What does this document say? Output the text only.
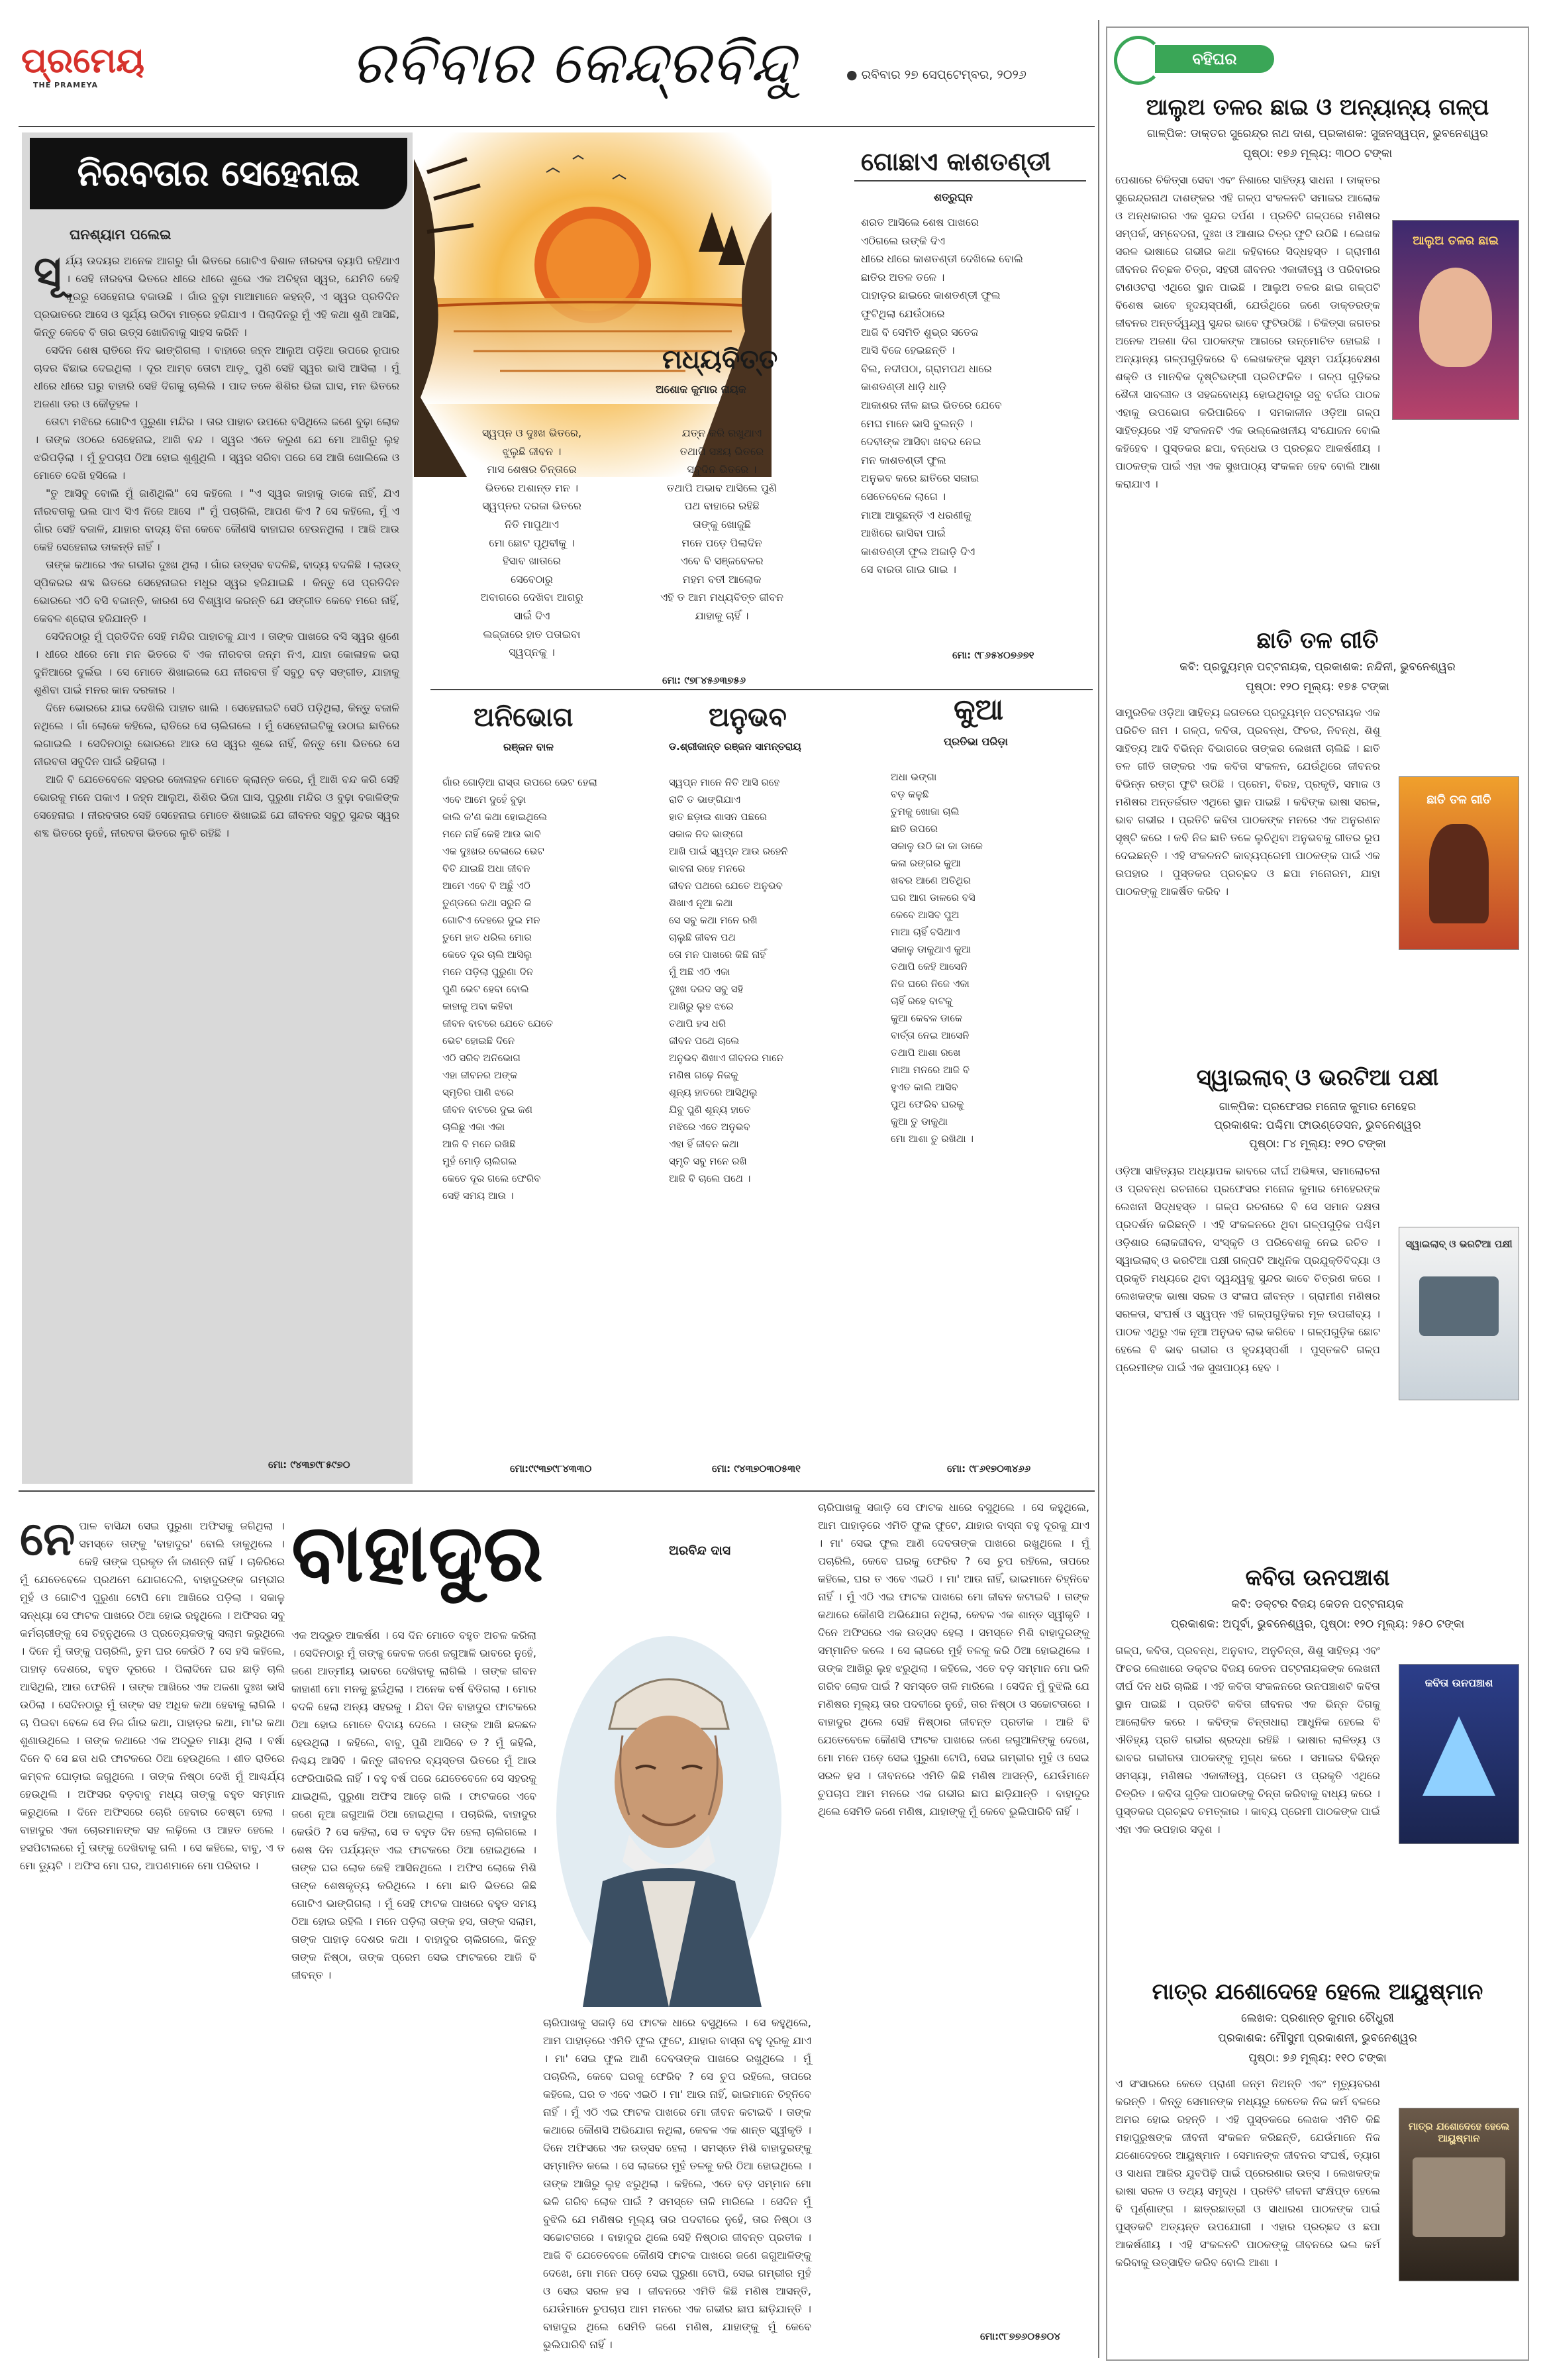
ପ୍ରମେୟ
THE PRAMEYA	ରବିବାର କେନ୍ଦ୍ରବିନ୍ଦୁ	● ରବିବାର ୨୭ ସେପ୍ଟେମ୍ବର, ୨୦୨୬
ନିରବତାର ସେହେନାଇ
ଘନଶ୍ୟାମ ପଲେଇ
ସୂ ର୍ଯ୍ୟ ଉଦୟର ଅନେକ ଆଗରୁ ଗାଁ ଭିତରେ ଗୋଟିଏ ବିଶାଳ ନୀରବତା ବ୍ୟାପି ରହିଥାଏ । ସେହି ନୀରବତା ଭିତରେ ଧୀରେ ଧୀରେ ଶୁଭେ ଏକ ଅଚିହ୍ନା ସ୍ୱର, ଯେମିତି କେହି ଦୂରରୁ ସେହେନାଇ ବଜାଉଛି । ଗାଁର ବୁଢ଼ା ମାଆମାନେ କହନ୍ତି, ଏ ସ୍ୱର ପ୍ରତିଦିନ ପ୍ରଭାତରେ ଆସେ ଓ ସୂର୍ଯ୍ୟ ଉଠିବା ମାତ୍ରେ ହଜିଯାଏ । ପିଲାଦିନରୁ ମୁଁ ଏହି କଥା ଶୁଣି ଆସିଛି, କିନ୍ତୁ କେବେ ବି ତାର ଉତ୍ସ ଖୋଜିବାକୁ ସାହସ କରିନି ।

ସେଦିନ ଶେଷ ରାତିରେ ନିଦ ଭାଙ୍ଗିଗଲା । ବାହାରେ ଜହ୍ନ ଆଲୁଅ ପଡ଼ିଆ ଉପରେ ରୂପାର ଚାଦର ବିଛାଇ ଦେଇଥିଲା । ଦୂର ଆମ୍ବ ତୋଟା ଆଡ଼ୁ ପୁଣି ସେହି ସ୍ୱର ଭାସି ଆସିଲା । ମୁଁ ଧୀରେ ଧୀରେ ଘରୁ ବାହାରି ସେହି ଦିଗକୁ ଚାଲିଲି । ପାଦ ତଳେ ଶିଶିର ଭିଜା ଘାସ, ମନ ଭିତରେ ଅଜଣା ଡର ଓ କୌତୂହଳ ।

ତୋଟା ମଝିରେ ଗୋଟିଏ ପୁରୁଣା ମନ୍ଦିର । ତାର ପାହାଚ ଉପରେ ବସିଥିଲେ ଜଣେ ବୁଢ଼ା ଲୋକ । ତାଙ୍କ ଓଠରେ ସେହେନାଇ, ଆଖି ବନ୍ଦ । ସ୍ୱର ଏତେ କରୁଣ ଯେ ମୋ ଆଖିରୁ ଲୁହ ଝରିପଡ଼ିଲା । ମୁଁ ଚୁପଚାପ ଠିଆ ହୋଇ ଶୁଣୁଥିଲି । ସ୍ୱର ସରିବା ପରେ ସେ ଆଖି ଖୋଲିଲେ ଓ ମୋତେ ଦେଖି ହସିଲେ ।

"ତୁ ଆସିବୁ ବୋଲି ମୁଁ ଜାଣିଥିଲି" ସେ କହିଲେ । "ଏ ସ୍ୱର କାହାକୁ ଡାକେ ନାହିଁ, ଯିଏ ନୀରବତାକୁ ଭଲ ପାଏ ସିଏ ନିଜେ ଆସେ ।" ମୁଁ ପଚାରିଲି, ଆପଣ କିଏ ? ସେ କହିଲେ, ମୁଁ ଏ ଗାଁର ସେହି ବଜାଳି, ଯାହାର ବାଦ୍ୟ ବିନା କେବେ କୌଣସି ବାହାଘର ହେଉନଥିଲା । ଆଜି ଆଉ କେହି ସେହେନାଇ ଡାକନ୍ତି ନାହିଁ ।

ତାଙ୍କ କଥାରେ ଏକ ଗଭୀର ଦୁଃଖ ଥିଲା । ଗାଁର ଉତ୍ସବ ବଦଳିଛି, ବାଦ୍ୟ ବଦଳିଛି । ଲାଉଡ୍ ସ୍ପିକରର ଶବ୍ଦ ଭିତରେ ସେହେନାଇର ମଧୁର ସ୍ୱର ହଜିଯାଇଛି । କିନ୍ତୁ ସେ ପ୍ରତିଦିନ ଭୋରରେ ଏଠି ବସି ବଜାନ୍ତି, କାରଣ ସେ ବିଶ୍ୱାସ କରନ୍ତି ଯେ ସଙ୍ଗୀତ କେବେ ମରେ ନାହିଁ, କେବଳ ଶ୍ରୋତା ହଜିଯାନ୍ତି ।

ସେଦିନଠାରୁ ମୁଁ ପ୍ରତିଦିନ ସେହି ମନ୍ଦିର ପାହାଚକୁ ଯାଏ । ତାଙ୍କ ପାଖରେ ବସି ସ୍ୱର ଶୁଣେ । ଧୀରେ ଧୀରେ ମୋ ମନ ଭିତରେ ବି ଏକ ନୀରବତା ଜନ୍ମ ନିଏ, ଯାହା କୋଳାହଳ ଭରା ଦୁନିଆରେ ଦୁର୍ଲଭ । ସେ ମୋତେ ଶିଖାଇଲେ ଯେ ନୀରବତା ହିଁ ସବୁଠୁ ବଡ଼ ସଙ୍ଗୀତ, ଯାହାକୁ ଶୁଣିବା ପାଇଁ ମନର କାନ ଦରକାର ।

ଦିନେ ଭୋରରେ ଯାଇ ଦେଖିଲି ପାହାଚ ଖାଲି । ସେହେନାଇଟି ସେଠି ପଡ଼ିଥିଲା, କିନ୍ତୁ ବଜାଳି ନଥିଲେ । ଗାଁ ଲୋକେ କହିଲେ, ରାତିରେ ସେ ଚାଲିଗଲେ । ମୁଁ ସେହେନାଇଟିକୁ ଉଠାଇ ଛାତିରେ ଲଗାଇଲି । ସେଦିନଠାରୁ ଭୋରରେ ଆଉ ସେ ସ୍ୱର ଶୁଭେ ନାହିଁ, କିନ୍ତୁ ମୋ ଭିତରେ ସେ ନୀରବତା ସବୁଦିନ ପାଇଁ ରହିଗଲା ।

ଆଜି ବି ଯେତେବେଳେ ସହରର କୋଳାହଳ ମୋତେ କ୍ଲାନ୍ତ କରେ, ମୁଁ ଆଖି ବନ୍ଦ କରି ସେହି ଭୋରକୁ ମନେ ପକାଏ । ଜହ୍ନ ଆଲୁଅ, ଶିଶିର ଭିଜା ଘାସ, ପୁରୁଣା ମନ୍ଦିର ଓ ବୁଢ଼ା ବଜାଳିଙ୍କ ସେହେନାଇ । ନୀରବତାର ସେହି ସେହେନାଇ ମୋତେ ଶିଖାଇଛି ଯେ ଜୀବନର ସବୁଠୁ ସୁନ୍ଦର ସ୍ୱର ଶବ୍ଦ ଭିତରେ ନୁହେଁ, ନୀରବତା ଭିତରେ ଲୁଚି ରହିଛି ।

ମୋ: ୯୪୩୭୯୮୫୯୭୦
ମଧ୍ୟବିତ୍ତ
ଅଶୋକ କୁମାର ନାୟକ
ସ୍ୱପ୍ନ ଓ ଦୁଃଖ ଭିତରେ,
ଝୁଲୁଛି ଜୀବନ ।
ମାସ ଶେଷର ଚିନ୍ତାରେ
ଭିତରେ ଅଶାନ୍ତ ମନ ।
ସ୍ୱପ୍ନର ଦରଜା ଭିତରେ
ନିତି ମାପୁଥାଏ
ମୋ ଛୋଟ ପୃଥିବୀକୁ ।
ହିସାବ ଖାତାରେ
ସେବେଠାରୁ
ଅବାଗରେ ଦେଖିବା ଆଗରୁ
ସାଇଁ ଦିଏ
ଲଜ୍ଜାରେ ହାତ ପତାଇବା
ସ୍ୱପ୍ନକୁ ।
ଯତ୍ନ କରି ରଖୁଥାଏ
ତଥାପି ସଞ୍ଚୟ ଭିତରେ
ସବୁଦିନ ଭିତରେ ।
ତଥାପି ଅଭାବ ଆସିଲେ ପୁଣି
ପଥ ବାହାରେ ରହିଛି
ତାଙ୍କୁ ଖୋଜୁଛି
ମନେ ପଡ଼େ ପିଲାଦିନ
ଏବେ ବି ସଞ୍ଜବେଳର
ମହମ ବତୀ ଆଲୋକ
ଏହି ତ ଆମ ମଧ୍ୟବିତ୍ତ ଜୀବନ
ଯାହାକୁ ଚାହିଁ ।
ମୋ: ୯୭୮୪୫୬୩୭୫୬
ଗୋଛାଏ କାଶତଣ୍ଡୀ
ଶତ୍ରୁଘ୍ନ
ଶରତ ଆସିଲେ ଶେଷ ପାଖରେ
ଏଠିଗଲେ ଉଙ୍କି ଦିଏ
ଧୀରେ ଧୀରେ କାଶତଣ୍ଡୀ ଦେଖିଲେ ବୋଲି
ଛାତିର ଅତଳ ତଳେ ।
ପାହାଡ଼ର ଛାଇରେ କାଶତଣ୍ଡୀ ଫୁଲ
ଫୁଟିଥିଲା ଯେଉଁଠାରେ
ଆଜି ବି ସେମିତି ଶୁଭ୍ର ସତେଜ
ଆସି ବିଜେ ହେଇଛନ୍ତି ।
ବିଲ, ନଦୀପଠା, ଗ୍ରାମପଥ ଧାରେ
କାଶତଣ୍ଡୀ ଧାଡ଼ି ଧାଡ଼ି
ଆକାଶର ନୀଳ ଛାଇ ଭିତରେ ଯେବେ
ମେଘ ମାନେ ଭାସି ବୁଲନ୍ତି ।
ଦେବୀଙ୍କ ଆସିବା ଖବର ନେଇ
ମନ କାଶତଣ୍ଡୀ ଫୁଲ
ଅନୁଭବ କରେ ଛାତିରେ ସଜାଇ
ସେତେବେଳେ ଲାଗେ ।
ମାଆ ଆସୁଛନ୍ତି ଏ ଧରଣୀକୁ
ଆଖିରେ ଭାସିବା ପାଇଁ
କାଶତଣ୍ଡୀ ଫୁଲ ଅଜାଡ଼ି ଦିଏ
ସେ ବାରତା ଗାଇ ଗାଇ ।
ମୋ: ୯୮୬୫୪୦୭୬୭୧
ଅନିଭୋଗ
ରଞ୍ଜନ ବାଳ
ଗାଁର ଗୋଡ଼ିଆ ରାସ୍ତା ଉପରେ ଭେଟ ହେଲା
ଏବେ ଆମେ ଦୁହେଁ ବୁଢ଼ା
କାଲି କ'ଣ କଥା ହୋଇଥିଲେ
ମନେ ନାହିଁ କେହି ଆଉ ଭାବି
ଏକ ଦୁଃଖର ବେଳାରେ ଭେଟ
ବିତି ଯାଇଛି ଅଧା ଜୀବନ
ଆମେ ଏବେ ବି ଅଛୁଁ ଏଠି
ତୁଣ୍ଡରେ କଥା ସରୁନି କି
ଗୋଟିଏ ଦେହରେ ଦୁଇ ମନ
ତୁମେ ହାତ ଧରିଲ ମୋର
କେତେ ଦୂର ଚାଲି ଆସିଲୁ
ମନେ ପଡ଼ିଲା ପୁରୁଣା ଦିନ
ପୁଣି ଭେଟ ହେବା ବୋଲି
କାହାକୁ ଅବା କହିବା
ଜୀବନ ବାଟରେ ଯେତେ ଯେତେ
ଭେଟ ହୋଇଛି ଦିନେ
ଏଠି ସରିବ ଅନିଭୋଗ
ଏହା ଜୀବନର ଅଙ୍କ
ସ୍ମୃତିର ପାଣି ଝରେ
ଜୀବନ ବାଟରେ ଦୁଇ ଜଣ
ଚାଲିଛୁ ଏକା ଏକା
ଆଜି ବି ମନେ ରଖିଛି
ମୁହଁ ମୋଡ଼ି ଚାଲିଗଲ
କେତେ ଦୂର ଗଲେ ଫେରିବ
ସେହି ସମୟ ଆଉ ।
ମୋ:୯୯୩୭୯୮୪୩୩୦
ଅନୁଭବ
ଡ.ଶ୍ରୀକାନ୍ତ ରଞ୍ଜନ ସାମନ୍ତରାୟ
ସ୍ୱପ୍ନ ମାନେ ନିତି ଆସି ରହେ
ରାତି ତ ଭାଙ୍ଗିଯାଏ
ହାତ ଛଡ଼ାଇ ଶାସନ ପଛରେ
ସକାଳ ନିଦ ଭାଙ୍ଗେ
ଆଖି ପାଇଁ ସ୍ୱପ୍ନ ଆଉ ରହେନି
ଭାବନା ରହେ ମନରେ
ଜୀବନ ପଥରେ ଯେତେ ଅନୁଭବ
ଶିଖାଏ ନୂଆ କଥା
ସେ ସବୁ କଥା ମନେ ରଖି
ଚାଲୁଛି ଜୀବନ ପଥ
ତୋ ମନ ପାଖରେ କିଛି ନାହିଁ
ମୁଁ ଅଛି ଏଠି ଏକା
ଦୁଃଖ ଦରଦ ସବୁ ସହି
ଆଖିରୁ ଲୁହ ଝରେ
ତଥାପି ହସ ଧରି
ଜୀବନ ପଥେ ଚାଲେ
ଅନୁଭବ ଶିଖାଏ ଜୀବନର ମାନେ
ମଣିଷ ଗଢ଼େ ନିଜକୁ
ଶୂନ୍ୟ ହାତରେ ଆସିଥିଲୁ
ଯିବୁ ପୁଣି ଶୂନ୍ୟ ହାତେ
ମଝିରେ ଏତେ ଅନୁଭବ
ଏହା ହିଁ ଜୀବନ କଥା
ସ୍ମୃତି ସବୁ ମନେ ରଖି
ଆଜି ବି ଚାଲେ ପଥେ ।
ମୋ: ୯୪୩୭୦୩୦୫୩୧
କୁଆ
ପ୍ରତିଭା ପରିଡ଼ା
ଅଧା ଭଙ୍ଗା
ବଡ଼ କଳୁଛି
ତୁମକୁ ଖୋଜା ଚାଲି
ଛାତି ଉପରେ
ସକାଳୁ ଉଠି କା କା ଡାକେ
କଳା ରଙ୍ଗର କୁଆ
ଖବର ଆଣେ ଅତିଥିର
ଘର ଆଗ ଡାଳରେ ବସି
କେବେ ଆସିବ ପୁଅ
ମାଆ ଚାହିଁ ବସିଥାଏ
ସକାଳୁ ଡାକୁଥାଏ କୁଆ
ତଥାପି କେହି ଆସେନି
ନିଜ ଘରେ ନିଜେ ଏକା
ଚାହିଁ ରହେ ବାଟକୁ
କୁଆ କେବଳ ଡାକେ
ବାର୍ତ୍ତା ନେଇ ଆସେନି
ତଥାପି ଆଶା ରଖେ
ମାଆ ମନରେ ଆଜି ବି
ହୁଏତ କାଲି ଆସିବ
ପୁଅ ଫେରିବ ଘରକୁ
କୁଆ ତୁ ଡାକୁଥା
ମୋ ଆଶା ତୁ ରଖିଥା ।
ମୋ: ୯୮୬୧୭୦୩୪୬୬
ବାହାଦୁର	ଅରବିନ୍ଦ ଦାସ
ନେ ପାଳ ବାସିନ୍ଦା ସେଇ ପୁରୁଣା ଅଫିସକୁ ଜଗିଥିଲା । ସମସ୍ତେ ତାଙ୍କୁ 'ବାହାଦୁର' ବୋଲି ଡାକୁଥିଲେ । କେହି ତାଙ୍କ ପ୍ରକୃତ ନାଁ ଜାଣନ୍ତି ନାହିଁ । ଚାକିରିରେ ମୁଁ ଯେତେବେଳେ ପ୍ରଥମେ ଯୋଗଦେଲି, ବାହାଦୁରଙ୍କ ଗମ୍ଭୀର ମୁହଁ ଓ ଗୋଟିଏ ପୁରୁଣା ଟୋପି ମୋ ଆଖିରେ ପଡ଼ିଲା । ସକାଳୁ ସନ୍ଧ୍ୟା ସେ ଫାଟକ ପାଖରେ ଠିଆ ହୋଇ ରହୁଥିଲେ । ଅଫିସର ସବୁ କର୍ମଚାରୀଙ୍କୁ ସେ ଚିହ୍ନୁଥିଲେ ଓ ପ୍ରତ୍ୟେକଙ୍କୁ ସଲାମ କରୁଥିଲେ । ଦିନେ ମୁଁ ତାଙ୍କୁ ପଚାରିଲି, ତୁମ ଘର କେଉଁଠି ? ସେ ହସି କହିଲେ, ପାହାଡ଼ ଦେଶରେ, ବହୁତ ଦୂରରେ । ପିଲାଦିନେ ଘର ଛାଡ଼ି ଚାଲି ଆସିଥିଲି, ଆଉ ଫେରିନି । ତାଙ୍କ ଆଖିରେ ଏକ ଅଜଣା ଦୁଃଖ ଭାସି ଉଠିଲା । ସେଦିନଠାରୁ ମୁଁ ତାଙ୍କ ସହ ଅଧିକ କଥା ହେବାକୁ ଲାଗିଲି । ଚା ପିଇବା ବେଳେ ସେ ନିଜ ଗାଁର କଥା, ପାହାଡ଼ର କଥା, ମା'ର କଥା ଶୁଣାଉଥିଲେ । ତାଙ୍କ କଥାରେ ଏକ ଅଦ୍ଭୁତ ମାୟା ଥିଲା । ବର୍ଷା ଦିନେ ବି ସେ ଛତା ଧରି ଫାଟକରେ ଠିଆ ହେଉଥିଲେ । ଶୀତ ରାତିରେ କମ୍ବଳ ଘୋଡ଼ାଇ ଜଗୁଥିଲେ । ତାଙ୍କ ନିଷ୍ଠା ଦେଖି ମୁଁ ଆଶ୍ଚର୍ଯ୍ୟ ହେଉଥିଲି । ଅଫିସର ବଡ଼ବାବୁ ମଧ୍ୟ ତାଙ୍କୁ ବହୁତ ସମ୍ମାନ କରୁଥିଲେ । ଦିନେ ଅଫିସରେ ଚୋରି ହେବାର ଚେଷ୍ଟା ହେଲା । ବାହାଦୁର ଏକା ଚୋରମାନଙ୍କ ସହ ଲଢ଼ିଲେ ଓ ଆହତ ହେଲେ । ହସପିଟାଲରେ ମୁଁ ତାଙ୍କୁ ଦେଖିବାକୁ ଗଲି । ସେ କହିଲେ, ବାବୁ, ଏ ତ ମୋ ଡ୍ୟୁଟି । ଅଫିସ ମୋ ଘର, ଆପଣମାନେ ମୋ ପରିବାର ।
ଏକ ଅଦ୍ଭୁତ ଆକର୍ଷଣ । ସେ ଦିନ ମୋତେ ବହୁତ ଅଚଳ କରିଲା । ସେଦିନଠାରୁ ମୁଁ ତାଙ୍କୁ କେବଳ ଜଣେ ଜଗୁଆଳି ଭାବରେ ନୁହେଁ, ଜଣେ ଆତ୍ମୀୟ ଭାବରେ ଦେଖିବାକୁ ଲାଗିଲି । ତାଙ୍କ ଜୀବନ କାହାଣୀ ମୋ ମନକୁ ଛୁଇଁଥିଲା । ଅନେକ ବର୍ଷ ବିତିଗଲା । ମୋର ବଦଳି ହେଲା ଅନ୍ୟ ସହରକୁ । ଯିବା ଦିନ ବାହାଦୁର ଫାଟକରେ ଠିଆ ହୋଇ ମୋତେ ବିଦାୟ ଦେଲେ । ତାଙ୍କ ଆଖି ଛଳଛଳ ହେଉଥିଲା । କହିଲେ, ବାବୁ, ପୁଣି ଆସିବେ ତ ? ମୁଁ କହିଲି, ନିଶ୍ଚୟ ଆସିବି । କିନ୍ତୁ ଜୀବନର ବ୍ୟସ୍ତତା ଭିତରେ ମୁଁ ଆଉ ଫେରିପାରିଲି ନାହିଁ । ବହୁ ବର୍ଷ ପରେ ଯେତେବେଳେ ସେ ସହରକୁ ଯାଇଥିଲି, ପୁରୁଣା ଅଫିସ ଆଡ଼େ ଗଲି । ଫାଟକରେ ଏବେ ଜଣେ ନୂଆ ଜଗୁଆଳି ଠିଆ ହୋଇଥିଲା । ପଚାରିଲି, ବାହାଦୁର କେଉଁଠି ? ସେ କହିଲା, ସେ ତ ବହୁତ ଦିନ ହେଲା ଚାଲିଗଲେ । ଶେଷ ଦିନ ପର୍ଯ୍ୟନ୍ତ ଏଇ ଫାଟକରେ ଠିଆ ହୋଇଥିଲେ । ତାଙ୍କ ଘର ଲୋକ କେହି ଆସିନଥିଲେ । ଅଫିସ ଲୋକେ ମିଶି ତାଙ୍କ ଶେଷକୃତ୍ୟ କରିଥିଲେ । ମୋ ଛାତି ଭିତରେ କିଛି ଗୋଟିଏ ଭାଙ୍ଗିଗଲା । ମୁଁ ସେହି ଫାଟକ ପାଖରେ ବହୁତ ସମୟ ଠିଆ ହୋଇ ରହିଲି । ମନେ ପଡ଼ିଲା ତାଙ୍କ ହସ, ତାଙ୍କ ସଲାମ, ତାଙ୍କ ପାହାଡ଼ ଦେଶର କଥା । ବାହାଦୁର ଚାଲିଗଲେ, କିନ୍ତୁ ତାଙ୍କ ନିଷ୍ଠା, ତାଙ୍କ ପ୍ରେମ ସେଇ ଫାଟକରେ ଆଜି ବି ଜୀବନ୍ତ ।
ଚାରିପାଖକୁ ସଜାଡ଼ି ସେ ଫାଟକ ଧାରେ ବସୁଥିଲେ । ସେ କହୁଥିଲେ, ଆମ ପାହାଡ଼ରେ ଏମିତି ଫୁଲ ଫୁଟେ, ଯାହାର ବାସ୍ନା ବହୁ ଦୂରକୁ ଯାଏ । ମା' ସେଇ ଫୁଲ ଆଣି ଦେବତାଙ୍କ ପାଖରେ ରଖୁଥିଲେ । ମୁଁ ପଚାରିଲି, କେବେ ଘରକୁ ଫେରିବ ? ସେ ଚୁପ ରହିଲେ, ତାପରେ କହିଲେ, ଘର ତ ଏବେ ଏଇଠି । ମା' ଆଉ ନାହିଁ, ଭାଇମାନେ ଚିହ୍ନିବେ ନାହିଁ । ମୁଁ ଏଠି ଏଇ ଫାଟକ ପାଖରେ ମୋ ଜୀବନ କଟାଇବି । ତାଙ୍କ କଥାରେ କୌଣସି ଅଭିଯୋଗ ନଥିଲା, କେବଳ ଏକ ଶାନ୍ତ ସ୍ୱୀକୃତି । ଦିନେ ଅଫିସରେ ଏକ ଉତ୍ସବ ହେଲା । ସମସ୍ତେ ମିଶି ବାହାଦୁରଙ୍କୁ ସମ୍ମାନିତ କଲେ । ସେ ଲାଜରେ ମୁହଁ ତଳକୁ କରି ଠିଆ ହୋଇଥିଲେ । ତାଙ୍କ ଆଖିରୁ ଲୁହ ଝରୁଥିଲା । କହିଲେ, ଏତେ ବଡ଼ ସମ୍ମାନ ମୋ ଭଳି ଗରିବ ଲୋକ ପାଇଁ ? ସମସ୍ତେ ତାଳି ମାରିଲେ । ସେଦିନ ମୁଁ ବୁଝିଲି ଯେ ମଣିଷର ମୂଲ୍ୟ ତାର ପଦବୀରେ ନୁହେଁ, ତାର ନିଷ୍ଠା ଓ ସଚ୍ଚୋଟତାରେ । ବାହାଦୁର ଥିଲେ ସେହି ନିଷ୍ଠାର ଜୀବନ୍ତ ପ୍ରତୀକ । ଆଜି ବି ଯେତେବେଳେ କୌଣସି ଫାଟକ ପାଖରେ ଜଣେ ଜଗୁଆଳିଙ୍କୁ ଦେଖେ, ମୋ ମନେ ପଡ଼େ ସେଇ ପୁରୁଣା ଟୋପି, ସେଇ ଗମ୍ଭୀର ମୁହଁ ଓ ସେଇ ସରଳ ହସ । ଜୀବନରେ ଏମିତି କିଛି ମଣିଷ ଆସନ୍ତି, ଯେଉଁମାନେ ଚୁପଚାପ ଆମ ମନରେ ଏକ ଗଭୀର ଛାପ ଛାଡ଼ିଯାନ୍ତି । ବାହାଦୁର ଥିଲେ ସେମିତି ଜଣେ ମଣିଷ, ଯାହାଙ୍କୁ ମୁଁ କେବେ ଭୁଲିପାରିବି ନାହିଁ ।
ଚାରିପାଖକୁ ସଜାଡ଼ି ସେ ଫାଟକ ଧାରେ ବସୁଥିଲେ । ସେ କହୁଥିଲେ, ଆମ ପାହାଡ଼ରେ ଏମିତି ଫୁଲ ଫୁଟେ, ଯାହାର ବାସ୍ନା ବହୁ ଦୂରକୁ ଯାଏ । ମା' ସେଇ ଫୁଲ ଆଣି ଦେବତାଙ୍କ ପାଖରେ ରଖୁଥିଲେ । ମୁଁ ପଚାରିଲି, କେବେ ଘରକୁ ଫେରିବ ? ସେ ଚୁପ ରହିଲେ, ତାପରେ କହିଲେ, ଘର ତ ଏବେ ଏଇଠି । ମା' ଆଉ ନାହିଁ, ଭାଇମାନେ ଚିହ୍ନିବେ ନାହିଁ । ମୁଁ ଏଠି ଏଇ ଫାଟକ ପାଖରେ ମୋ ଜୀବନ କଟାଇବି । ତାଙ୍କ କଥାରେ କୌଣସି ଅଭିଯୋଗ ନଥିଲା, କେବଳ ଏକ ଶାନ୍ତ ସ୍ୱୀକୃତି । ଦିନେ ଅଫିସରେ ଏକ ଉତ୍ସବ ହେଲା । ସମସ୍ତେ ମିଶି ବାହାଦୁରଙ୍କୁ ସମ୍ମାନିତ କଲେ । ସେ ଲାଜରେ ମୁହଁ ତଳକୁ କରି ଠିଆ ହୋଇଥିଲେ । ତାଙ୍କ ଆଖିରୁ ଲୁହ ଝରୁଥିଲା । କହିଲେ, ଏତେ ବଡ଼ ସମ୍ମାନ ମୋ ଭଳି ଗରିବ ଲୋକ ପାଇଁ ? ସମସ୍ତେ ତାଳି ମାରିଲେ । ସେଦିନ ମୁଁ ବୁଝିଲି ଯେ ମଣିଷର ମୂଲ୍ୟ ତାର ପଦବୀରେ ନୁହେଁ, ତାର ନିଷ୍ଠା ଓ ସଚ୍ଚୋଟତାରେ । ବାହାଦୁର ଥିଲେ ସେହି ନିଷ୍ଠାର ଜୀବନ୍ତ ପ୍ରତୀକ । ଆଜି ବି ଯେତେବେଳେ କୌଣସି ଫାଟକ ପାଖରେ ଜଣେ ଜଗୁଆଳିଙ୍କୁ ଦେଖେ, ମୋ ମନେ ପଡ଼େ ସେଇ ପୁରୁଣା ଟୋପି, ସେଇ ଗମ୍ଭୀର ମୁହଁ ଓ ସେଇ ସରଳ ହସ । ଜୀବନରେ ଏମିତି କିଛି ମଣିଷ ଆସନ୍ତି, ଯେଉଁମାନେ ଚୁପଚାପ ଆମ ମନରେ ଏକ ଗଭୀର ଛାପ ଛାଡ଼ିଯାନ୍ତି । ବାହାଦୁର ଥିଲେ ସେମିତି ଜଣେ ମଣିଷ, ଯାହାଙ୍କୁ ମୁଁ କେବେ ଭୁଲିପାରିବି ନାହିଁ ।
ମୋ:୯୮୭୭୬୦୫୭୦୪
ବହିଘର
ଆଲୁଅ ତଳର ଛାଇ ଓ ଅନ୍ୟାନ୍ୟ ଗଳ୍ପ
ଗାଳ୍ପିକ: ଡାକ୍ତର ସୁରେନ୍ଦ୍ର ନାଥ ଦାଶ, ପ୍ରକାଶକ: ସୁଜନସ୍ୱପ୍ନ, ଭୁବନେଶ୍ୱର
ପୃଷ୍ଠା: ୧୭୬ ମୂଲ୍ୟ: ୩୦୦ ଟଙ୍କା
ପେଶାରେ ଚିକିତ୍ସା ସେବା ଏବଂ ନିଶାରେ ସାହିତ୍ୟ ସାଧନା । ଡାକ୍ତର ସୁରେନ୍ଦ୍ରନାଥ ଦାଶଙ୍କର ଏହି ଗଳ୍ପ ସଂକଳନଟି ସମାଜର ଆଲୋକ ଓ ଅନ୍ଧକାରର ଏକ ସୁନ୍ଦର ଦର୍ପଣ । ପ୍ରତିଟି ଗଳ୍ପରେ ମଣିଷର ସମ୍ପର୍କ, ସମ୍ବେଦନା, ଦୁଃଖ ଓ ଆଶାର ଚିତ୍ର ଫୁଟି ଉଠିଛି । ଲେଖକ ସରଳ ଭାଷାରେ ଗଭୀର କଥା କହିବାରେ ସିଦ୍ଧହସ୍ତ । ଗ୍ରାମୀଣ ଜୀବନର ନିଚ୍ଛକ ଚିତ୍ର, ସହରୀ ଜୀବନର ଏକାକୀତ୍ୱ ଓ ପରିବାରର ଟାଣଓଟରା ଏଥିରେ ସ୍ଥାନ ପାଇଛି । ଆଲୁଅ ତଳର ଛାଇ ଗଳ୍ପଟି ବିଶେଷ ଭାବେ ହୃଦୟସ୍ପର୍ଶୀ, ଯେଉଁଥିରେ ଜଣେ ଡାକ୍ତରଙ୍କ ଜୀବନର ଅନ୍ତର୍ଦ୍ୱନ୍ଦ୍ୱ ସୁନ୍ଦର ଭାବେ ଫୁଟିଉଠିଛି । ଚିକିତ୍ସା ଜଗତର ଅନେକ ଅଜଣା ଦିଗ ପାଠକଙ୍କ ଆଗରେ ଉନ୍ମୋଚିତ ହୋଇଛି । ଅନ୍ୟାନ୍ୟ ଗଳ୍ପଗୁଡ଼ିକରେ ବି ଲେଖକଙ୍କ ସୂକ୍ଷ୍ମ ପର୍ଯ୍ୟବେକ୍ଷଣ ଶକ୍ତି ଓ ମାନବିକ ଦୃଷ୍ଟିଭଙ୍ଗୀ ପ୍ରତିଫଳିତ । ଗଳ୍ପ ଗୁଡ଼ିକର ଶୈଳୀ ସାବଲୀଳ ଓ ସହଜବୋଧ୍ୟ ହୋଇଥିବାରୁ ସବୁ ବର୍ଗର ପାଠକ ଏହାକୁ ଉପଭୋଗ କରିପାରିବେ । ସମକାଳୀନ ଓଡ଼ିଆ ଗଳ୍ପ ସାହିତ୍ୟରେ ଏହି ସଂକଳନଟି ଏକ ଉଲ୍ଲେଖନୀୟ ସଂଯୋଜନ ବୋଲି କହିହେବ । ପୁସ୍ତକର ଛପା, ବନ୍ଧେଇ ଓ ପ୍ରଚ୍ଛଦ ଆକର୍ଷଣୀୟ । ପାଠକଙ୍କ ପାଇଁ ଏହା ଏକ ସୁଖପାଠ୍ୟ ସଂକଳନ ହେବ ବୋଲି ଆଶା କରାଯାଏ ।
ଆଲୁଅ ତଳର ଛାଇ
ଛାତି ତଳ ଗୀତି
କବି: ପ୍ରଦ୍ୟୁମ୍ନ ପଟ୍ଟନାୟକ, ପ୍ରକାଶକ: ନନ୍ଦିନୀ, ଭୁବନେଶ୍ୱର
ପୃଷ୍ଠା: ୧୨୦ ମୂଲ୍ୟ: ୧୭୫ ଟଙ୍କା
ସାମ୍ପ୍ରତିକ ଓଡ଼ିଆ ସାହିତ୍ୟ ଜଗତରେ ପ୍ରଦ୍ୟୁମ୍ନ ପଟ୍ଟନାୟକ ଏକ ପରିଚିତ ନାମ । ଗଳ୍ପ, କବିତା, ପ୍ରବନ୍ଧ, ଫିଚର, ନିବନ୍ଧ, ଶିଶୁ ସାହିତ୍ୟ ଆଦି ବିଭିନ୍ନ ବିଭାଗରେ ତାଙ୍କର ଲେଖନୀ ଚାଲିଛି । ଛାତି ତଳ ଗୀତି ତାଙ୍କର ଏକ କବିତା ସଂକଳନ, ଯେଉଁଥିରେ ଜୀବନର ବିଭିନ୍ନ ରଙ୍ଗ ଫୁଟି ଉଠିଛି । ପ୍ରେମ, ବିରହ, ପ୍ରକୃତି, ସମାଜ ଓ ମଣିଷର ଅନ୍ତର୍ଜଗତ ଏଥିରେ ସ୍ଥାନ ପାଇଛି । କବିଙ୍କ ଭାଷା ସରଳ, ଭାବ ଗଭୀର । ପ୍ରତିଟି କବିତା ପାଠକଙ୍କ ମନରେ ଏକ ଅନୁରଣନ ସୃଷ୍ଟି କରେ । କବି ନିଜ ଛାତି ତଳେ ଲୁଚିଥିବା ଅନୁଭବକୁ ଗୀତର ରୂପ ଦେଇଛନ୍ତି । ଏହି ସଂକଳନଟି କାବ୍ୟପ୍ରେମୀ ପାଠକଙ୍କ ପାଇଁ ଏକ ଉପହାର । ପୁସ୍ତକର ପ୍ରଚ୍ଛଦ ଓ ଛପା ମନୋରମ, ଯାହା ପାଠକଙ୍କୁ ଆକର୍ଷିତ କରିବ ।
ଛାତି ତଳ ଗୀତି
ସ୍ୱାଇଲାବ୍ ଓ ଭରଟିଆ ପକ୍ଷୀ
ଗାଳ୍ପିକ: ପ୍ରଫେସର ମନୋଜ କୁମାର ମେହେର
ପ୍ରକାଶକ: ପଶ୍ଚିମା ଫାଉଣ୍ଡେସନ, ଭୁବନେଶ୍ୱର
ପୃଷ୍ଠା: ୮୪ ମୂଲ୍ୟ: ୧୨୦ ଟଙ୍କା
ଓଡ଼ିଆ ସାହିତ୍ୟର ଅଧ୍ୟାପକ ଭାବରେ ଦୀର୍ଘ ଅଭିଜ୍ଞତା, ସମାଲୋଚନା ଓ ପ୍ରବନ୍ଧ ରଚନାରେ ପ୍ରଫେସର ମନୋଜ କୁମାର ମେହେରଙ୍କ ଲେଖନୀ ସିଦ୍ଧହସ୍ତ । ଗଳ୍ପ ରଚନାରେ ବି ସେ ସମାନ ଦକ୍ଷତା ପ୍ରଦର୍ଶନ କରିଛନ୍ତି । ଏହି ସଂକଳନରେ ଥିବା ଗଳ୍ପଗୁଡ଼ିକ ପଶ୍ଚିମ ଓଡ଼ିଶାର ଲୋକଜୀବନ, ସଂସ୍କୃତି ଓ ପରିବେଶକୁ ନେଇ ରଚିତ । ସ୍ୱାଇଲାବ୍ ଓ ଭରଟିଆ ପକ୍ଷୀ ଗଳ୍ପଟି ଆଧୁନିକ ପ୍ରଯୁକ୍ତିବିଦ୍ୟା ଓ ପ୍ରକୃତି ମଧ୍ୟରେ ଥିବା ଦ୍ୱନ୍ଦ୍ୱକୁ ସୁନ୍ଦର ଭାବେ ଚିତ୍ରଣ କରେ । ଲେଖକଙ୍କ ଭାଷା ସରଳ ଓ ସଂଳାପ ଜୀବନ୍ତ । ଗ୍ରାମୀଣ ମଣିଷର ସରଳତା, ସଂଘର୍ଷ ଓ ସ୍ୱପ୍ନ ଏହି ଗଳ୍ପଗୁଡ଼ିକର ମୂଳ ଉପଜୀବ୍ୟ । ପାଠକ ଏଥିରୁ ଏକ ନୂଆ ଅନୁଭବ ଲାଭ କରିବେ । ଗଳ୍ପଗୁଡ଼ିକ ଛୋଟ ହେଲେ ବି ଭାବ ଗଭୀର ଓ ହୃଦୟସ୍ପର୍ଶୀ । ପୁସ୍ତକଟି ଗଳ୍ପ ପ୍ରେମୀଙ୍କ ପାଇଁ ଏକ ସୁଖପାଠ୍ୟ ହେବ ।
ସ୍ୱାଇଲାବ୍ ଓ ଭରଟିଆ ପକ୍ଷୀ
କବିତା ଉନପଞ୍ଚାଶ
କବି: ଡକ୍ଟର ବିଜୟ କେତନ ପଟ୍ଟନାୟକ
ପ୍ରକାଶକ: ଅପୂର୍ବା, ଭୁବନେଶ୍ୱର, ପୃଷ୍ଠା: ୧୨୦ ମୂଲ୍ୟ: ୨୫୦ ଟଙ୍କା
ଗଳ୍ପ, କବିତା, ପ୍ରବନ୍ଧ, ଅନୁବାଦ, ଅନୁଚିନ୍ତା, ଶିଶୁ ସାହିତ୍ୟ ଏବଂ ଫିଚର ଲେଖାରେ ଡକ୍ଟର ବିଜୟ କେତନ ପଟ୍ଟନାୟକଙ୍କ ଲେଖନୀ ଦୀର୍ଘ ଦିନ ଧରି ଚାଲିଛି । ଏହି କବିତା ସଂକଳନରେ ଉନପଞ୍ଚାଶଟି କବିତା ସ୍ଥାନ ପାଇଛି । ପ୍ରତିଟି କବିତା ଜୀବନର ଏକ ଭିନ୍ନ ଦିଗକୁ ଆଲୋକିତ କରେ । କବିଙ୍କ ଚିନ୍ତାଧାରା ଆଧୁନିକ ହେଲେ ବି ଐତିହ୍ୟ ପ୍ରତି ଗଭୀର ଶ୍ରଦ୍ଧା ରହିଛି । ଭାଷାର ଲାଳିତ୍ୟ ଓ ଭାବର ଗଭୀରତା ପାଠକଙ୍କୁ ମୁଗ୍ଧ କରେ । ସମାଜର ବିଭିନ୍ନ ସମସ୍ୟା, ମଣିଷର ଏକାକୀତ୍ୱ, ପ୍ରେମ ଓ ପ୍ରକୃତି ଏଥିରେ ଚିତ୍ରିତ । କବିତା ଗୁଡ଼ିକ ପାଠକଙ୍କୁ ଚିନ୍ତା କରିବାକୁ ବାଧ୍ୟ କରେ । ପୁସ୍ତକର ପ୍ରଚ୍ଛଦ ଚମତ୍କାର । କାବ୍ୟ ପ୍ରେମୀ ପାଠକଙ୍କ ପାଇଁ ଏହା ଏକ ଉପହାର ସଦୃଶ ।
କବିତା ଉନପଞ୍ଚାଶ
ମାତ୍ର ଯଶୋଦେହେ ହେଲେ ଆୟୁଷ୍ମାନ
ଲେଖକ: ପ୍ରଶାନ୍ତ କୁମାର ଚୌଧୁରୀ
ପ୍ରକାଶକ: ମୌସୁମୀ ପ୍ରକାଶନୀ, ଭୁବନେଶ୍ୱର
ପୃଷ୍ଠା: ୭୬ ମୂଲ୍ୟ: ୧୧୦ ଟଙ୍କା
ଏ ସଂସାରରେ କେତେ ପ୍ରାଣୀ ଜନ୍ମ ନିଅନ୍ତି ଏବଂ ମୃତ୍ୟୁବରଣ କରନ୍ତି । କିନ୍ତୁ ସେମାନଙ୍କ ମଧ୍ୟରୁ କେତେକ ନିଜ କର୍ମ ବଳରେ ଅମର ହୋଇ ରହନ୍ତି । ଏହି ପୁସ୍ତକରେ ଲେଖକ ଏମିତି କିଛି ମହାପୁରୁଷଙ୍କ ଜୀବନୀ ସଂକଳନ କରିଛନ୍ତି, ଯେଉଁମାନେ ନିଜ ଯଶୋଦେହରେ ଆୟୁଷ୍ମାନ । ସେମାନଙ୍କ ଜୀବନର ସଂଘର୍ଷ, ତ୍ୟାଗ ଓ ସାଧନା ଆଜିର ଯୁବପିଢ଼ି ପାଇଁ ପ୍ରେରଣାର ଉତ୍ସ । ଲେଖକଙ୍କ ଭାଷା ସରଳ ଓ ତଥ୍ୟ ସମୃଦ୍ଧ । ପ୍ରତିଟି ଜୀବନୀ ସଂକ୍ଷିପ୍ତ ହେଲେ ବି ପୂର୍ଣ୍ଣାଙ୍ଗ । ଛାତ୍ରଛାତ୍ରୀ ଓ ସାଧାରଣ ପାଠକଙ୍କ ପାଇଁ ପୁସ୍ତକଟି ଅତ୍ୟନ୍ତ ଉପଯୋଗୀ । ଏହାର ପ୍ରଚ୍ଛଦ ଓ ଛପା ଆକର୍ଷଣୀୟ । ଏହି ସଂକଳନଟି ପାଠକଙ୍କୁ ଜୀବନରେ ଭଲ କର୍ମ କରିବାକୁ ଉତ୍ସାହିତ କରିବ ବୋଲି ଆଶା ।
ମାତ୍ର ଯଶୋଦେହେ ହେଲେ ଆୟୁଷ୍ମାନ
